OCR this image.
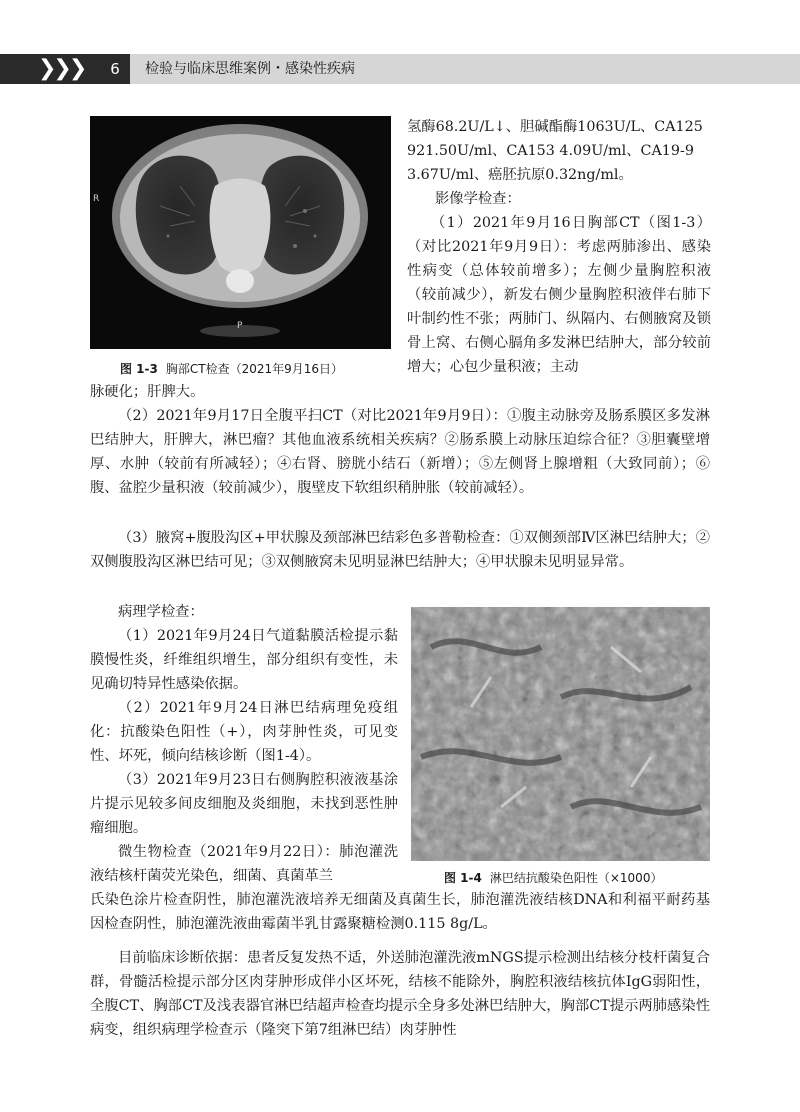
❯❯❯	6	检验与临床思维案例・感染性疾病
R
P
图 1-3 胸部CT检查（2021年9月16日）

氢酶68.2U/L↓、胆碱酯酶1063U/L、CA125
921.50U/ml、CA153 4.09U/ml、CA19-9
3.67U/ml、癌胚抗原0.32ng/ml。

影像学检查：

（1）2021年9月16日胸部CT（图1-3）（对比2021年9月9日）：考虑两肺渗出、感染性病变（总体较前增多）；左侧少量胸腔积液（较前减少），新发右侧少量胸腔积液伴右肺下叶制约性不张；两肺门、纵隔内、右侧腋窝及锁骨上窝、右侧心膈角多发淋巴结肿大，部分较前增大；心包少量积液；主动

脉硬化；肝脾大。

（2）2021年9月17日全腹平扫CT（对比2021年9月9日）：①腹主动脉旁及肠系膜区多发淋巴结肿大，肝脾大，淋巴瘤？其他血液系统相关疾病？②肠系膜上动脉压迫综合征？③胆囊壁增厚、水肿（较前有所减轻）；④右肾、膀胱小结石（新增）；⑤左侧肾上腺增粗（大致同前）；⑥腹、盆腔少量积液（较前减少），腹壁皮下软组织稍肿胀（较前减轻）。

（3）腋窝+腹股沟区+甲状腺及颈部淋巴结彩色多普勒检查：①双侧颈部Ⅳ区淋巴结肿大；②双侧腹股沟区淋巴结可见；③双侧腋窝未见明显淋巴结肿大；④甲状腺未见明显异常。

病理学检查：

（1）2021年9月24日气道黏膜活检提示黏膜慢性炎，纤维组织增生，部分组织有变性，未见确切特异性感染依据。

（2）2021年9月24日淋巴结病理免疫组化：抗酸染色阳性（+），肉芽肿性炎，可见变性、坏死，倾向结核诊断（图1-4）。

（3）2021年9月23日右侧胸腔积液液基涂片提示见较多间皮细胞及炎细胞，未找到恶性肿瘤细胞。

微生物检查（2021年9月22日）：肺泡灌洗液结核杆菌荧光染色，细菌、真菌革兰	图 1-4 淋巴结抗酸染色阳性（×1000）

氏染色涂片检查阴性，肺泡灌洗液培养无细菌及真菌生长，肺泡灌洗液结核DNA和利福平耐药基因检查阴性，肺泡灌洗液曲霉菌半乳甘露聚糖检测0.115 8g/L。

目前临床诊断依据：患者反复发热不适，外送肺泡灌洗液mNGS提示检测出结核分枝杆菌复合群，骨髓活检提示部分区肉芽肿形成伴小区坏死，结核不能除外，胸腔积液结核抗体IgG弱阳性，全腹CT、胸部CT及浅表器官淋巴结超声检查均提示全身多处淋巴结肿大，胸部CT提示两肺感染性病变，组织病理学检查示（隆突下第7组淋巴结）肉芽肿性
